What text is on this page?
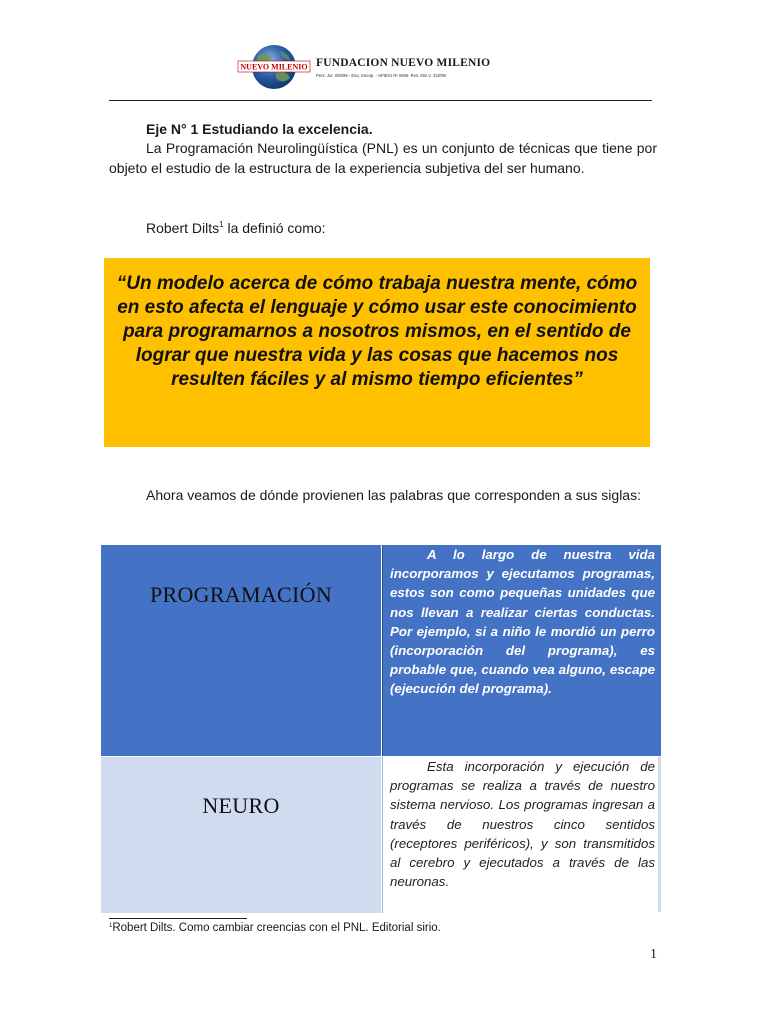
NUEVO MILENIO FUNDACION NUEVO MILENIO
Pers. Jur. 005/99 - Esq. Inscrip. - SPIEGI Nº 0665. Res. Min V. 332/99
Eje N° 1 Estudiando la excelencia.
La Programación Neurolingüística (PNL) es un conjunto de técnicas que tiene por objeto el estudio de la estructura de la experiencia subjetiva del ser humano.
Robert Dilts$^1$ la definió como:
“Un modelo acerca de cómo trabaja nuestra mente, cómo en esto afecta el lenguaje y cómo usar este conocimiento para programarnos a nosotros mismos, en el sentido de lograr que nuestra vida y las cosas que hacemos nos resulten fáciles y al mismo tiempo eficientes”
Ahora veamos de dónde provienen las palabras que corresponden a sus siglas:
PROGRAMACIÓN
A lo largo de nuestra vida incorporamos y ejecutamos programas, estos son como pequeñas unidades que nos llevan a realizar ciertas conductas. Por ejemplo, si a niño le mordió un perro (incorporación del programa), es probable que, cuando vea alguno, escape (ejecución del programa).
NEURO
Esta incorporación y ejecución de programas se realiza a través de nuestro sistema nervioso. Los programas ingresan a través de nuestros cinco sentidos (receptores periféricos), y son transmitidos al cerebro y ejecutados a través de las neuronas.
$^1$Robert Dilts. Como cambiar creencias con el PNL. Editorial sirio.
1
